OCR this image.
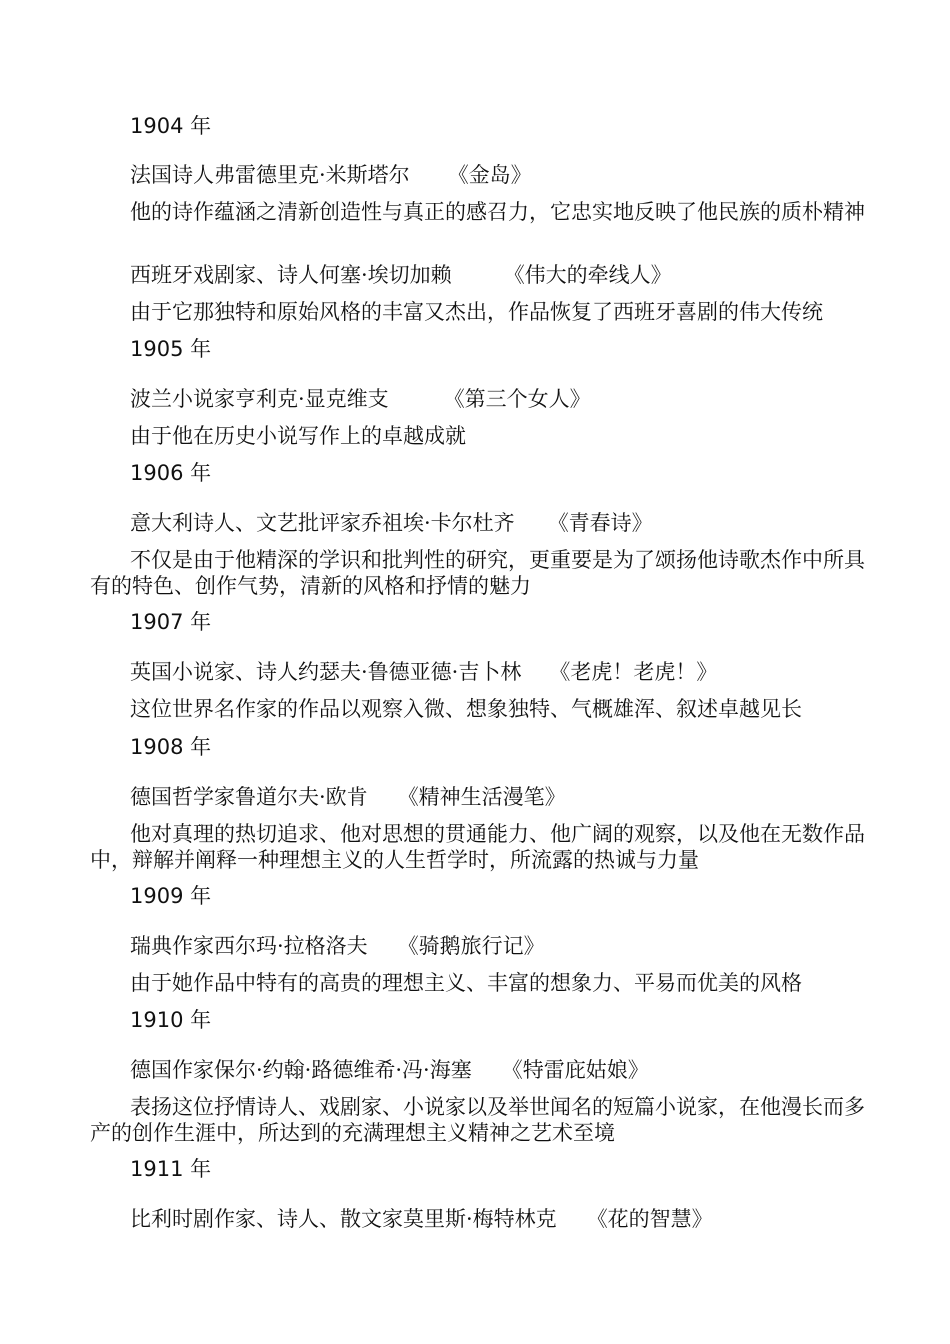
1904 年
法国诗人弗雷德里克·米斯塔尔 《金岛》
他的诗作蕴涵之清新创造性与真正的感召力，它忠实地反映了他民族的质朴精神
西班牙戏剧家、诗人何塞·埃切加赖 《伟大的牵线人》
由于它那独特和原始风格的丰富又杰出，作品恢复了西班牙喜剧的伟大传统
1905 年
波兰小说家亨利克·显克维支	《第三个女人》
由于他在历史小说写作上的卓越成就
1906 年
意大利诗人、文艺批评家乔祖埃·卡尔杜齐 《青春诗》
不仅是由于他精深的学识和批判性的研究，更重要是为了颂扬他诗歌杰作中所具有的特色、创作气势，清新的风格和抒情的魅力
1907 年
英国小说家、诗人约瑟夫·鲁德亚德·吉卜林 《老虎！老虎！》
这位世界名作家的作品以观察入微、想象独特、气概雄浑、叙述卓越见长
1908 年
德国哲学家鲁道尔夫·欧肯 《精神生活漫笔》
他对真理的热切追求、他对思想的贯通能力、他广阔的观察，以及他在无数作品中，辩解并阐释一种理想主义的人生哲学时，所流露的热诚与力量
1909 年
瑞典作家西尔玛·拉格洛夫 《骑鹅旅行记》
由于她作品中特有的高贵的理想主义、丰富的想象力、平易而优美的风格
1910 年
德国作家保尔·约翰·路德维希·冯·海塞 《特雷庇姑娘》
表扬这位抒情诗人、戏剧家、小说家以及举世闻名的短篇小说家，在他漫长而多产的创作生涯中，所达到的充满理想主义精神之艺术至境
1911 年
比利时剧作家、诗人、散文家莫里斯·梅特林克 《花的智慧》
